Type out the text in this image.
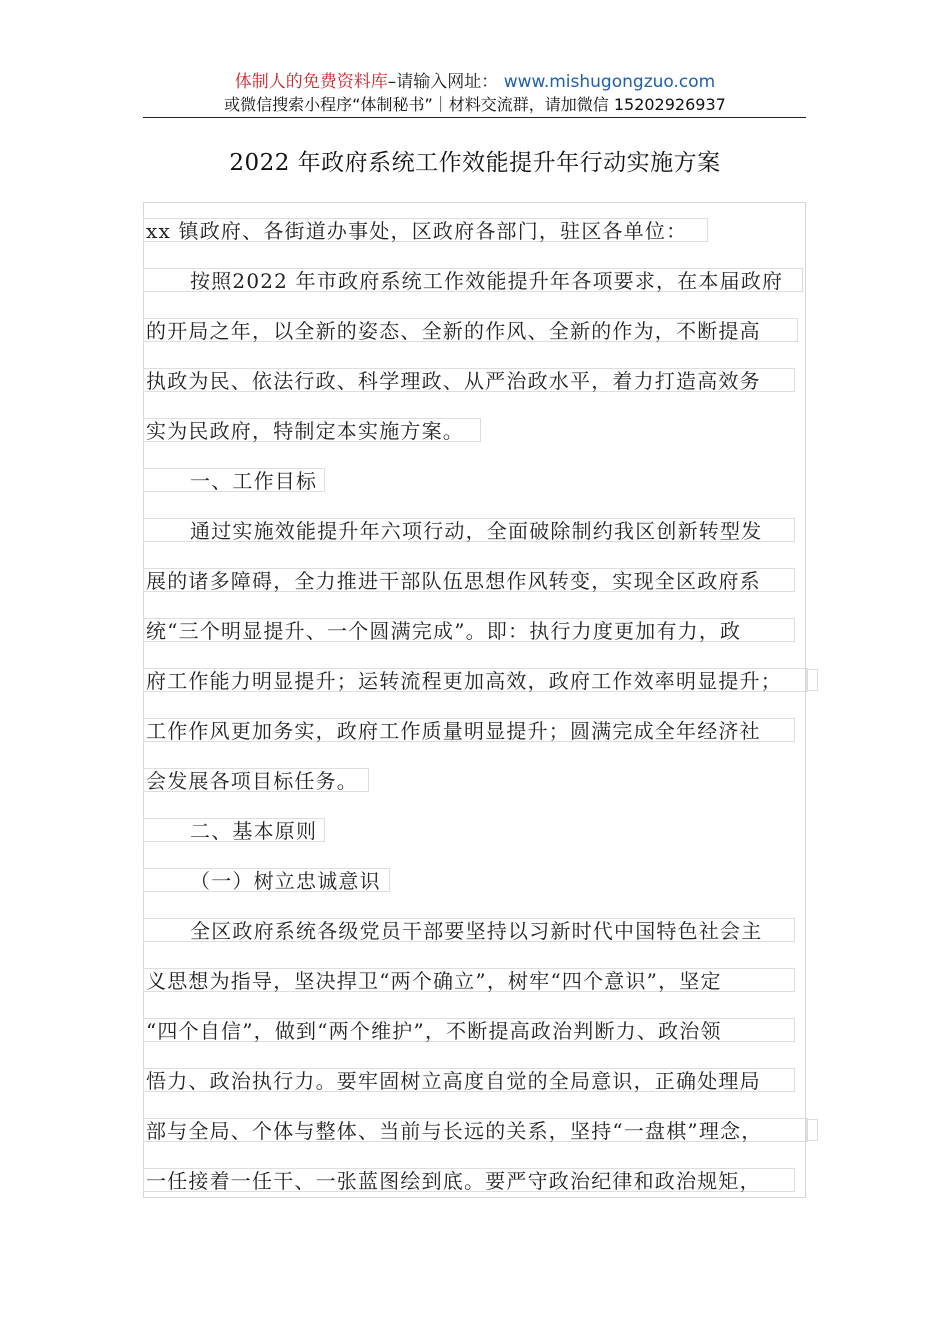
体制人的免费资料库–请输入网址： www.mishugongzuo.com
或微信搜索小程序“体制秘书”｜材料交流群，请加微信 15202926937
2022 年政府系统工作效能提升年行动实施方案
xx 镇政府、各街道办事处，区政府各部门，驻区各单位：
按照2022 年市政府系统工作效能提升年各项要求，在本届政府
的开局之年，以全新的姿态、全新的作风、全新的作为，不断提高
执政为民、依法行政、科学理政、从严治政水平，着力打造高效务
实为民政府，特制定本实施方案。
一、工作目标
通过实施效能提升年六项行动，全面破除制约我区创新转型发
展的诸多障碍，全力推进干部队伍思想作风转变，实现全区政府系
统“三个明显提升、一个圆满完成”。即：执行力度更加有力，政
府工作能力明显提升；运转流程更加高效，政府工作效率明显提升；
工作作风更加务实，政府工作质量明显提升；圆满完成全年经济社
会发展各项目标任务。
二、基本原则
（一）树立忠诚意识
全区政府系统各级党员干部要坚持以习新时代中国特色社会主
义思想为指导，坚决捍卫“两个确立”，树牢“四个意识”，坚定
“四个自信”，做到“两个维护”，不断提高政治判断力、政治领
悟力、政治执行力。要牢固树立高度自觉的全局意识，正确处理局
部与全局、个体与整体、当前与长远的关系，坚持“一盘棋”理念，
一任接着一任干、一张蓝图绘到底。要严守政治纪律和政治规矩，
